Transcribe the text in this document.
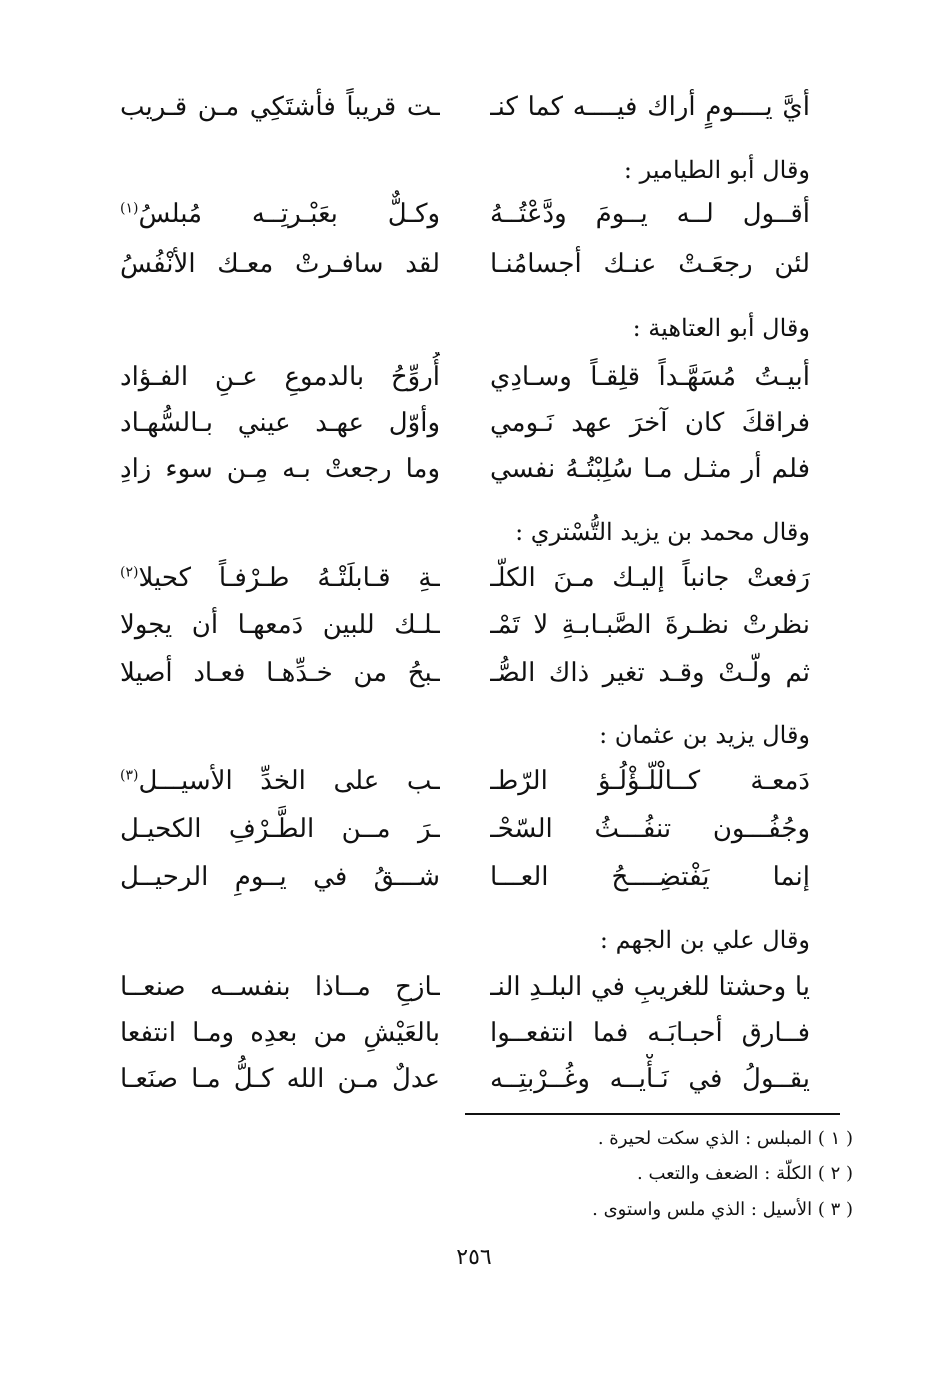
أيَّ يــــومٍ أراك فيــــه كما كنـ
ـت قريباً فأشتَكِي مـن قـريب
وقال أبو الطيامير :
أقــول لــه يــومَ ودَّعْتُــهُ
وكـلٌّ بعَبْـرتِــه مُبلسُ$^{(١)}$
لئن رجعَـتْ عنـك أجسامُنـا
لقد سافـرتْ معـك الأنْفُسُ
وقال أبو العتاهية :
أبيـتُ مُسَهَّـداً قلِقـاً وسـادِي
أُروِّحُ بالدموعِ عـنِ الفـؤاد
فراقكَ كان آخرَ عهد نَـومي
وأوّل عهـد عيني بـالسُّهـاد
فلم أر مثـل مـا سُلِبْتُـهُ نفسي
وما رجعتْ بـه مِـن سوء زادِ
وقال محمد بن يزيد التُّسْتري :
رَفعتْ جانباً إليـك مـنَ الكلّـ
ـةِ قـابلَتْـهُ طـرْفـاً كحيلا$^{(٢)}$
نظرتْ نظـرةَ الصَّبـابـةِ لا تَمْـ
ـلـك للبين دَمعهـا أن يجولا
ثم ولّـتْ وقـد تغير ذاك الصُّـ
ـبحُ من خـدِّهـا فعـاد أصيلا
وقال يزيد بن عثمان :
دَمعـة كــالْلّـؤْلُـؤ الرّطـ
ـب على الخدِّ الأسيـــل$^{(٣)}$
وجُفُـــون تنفُـــثُ السّحْـ
ـرَ مــن الطَّـرْفِ الكحيـل
إنما يَفْتضِــــحُ العـــا
شـــقُ في يــومِ الرحيــل
وقال علي بن الجهم :
يا وحشتا للغريبِ في البلـدِ النـ
ـازحِ مــاذا بنفســه صنعــا
فــارق أحبـابَـه فما انتفعــوا
بالعَيْشِ من بعدِه ومـا انتفعا
يقــولُ في نَـأْيــه وغُــرْبتِــه
عدلٌ مـن الله كـلُّ مـا صنَعـا
( ١ ) المبلس : الذي سكت لحيرة .
( ٢ ) الكلّة : الضعف والتعب .
( ٣ ) الأسيل : الذي ملس واستوى .
٢٥٦
